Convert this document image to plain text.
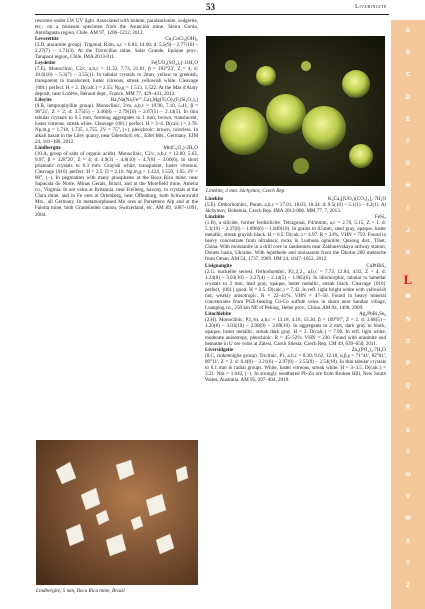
53	Liveringite

rescence under LW UV light. Associated with boleite, paralaurionite, sodgerite, etc., on a museum specimen from the Asunción mine, Sierra Gorda, Antofagasta region, Chile. AM 97, 1206–1212, 2012.

Leverettite	Cu₃CoCl₂(OH)₆

(3.D, atacamite group). Trigonal, R3m, a,c = 6.84, 14.06; d: 5.5(9) – 2.77(10) – 2.27(7) – 1.71(3). At the Torrecillas mine, Salar Grande, Iquique prov., Tarapacá region, Chile. IMA 2013-011.

Leydetite	Fe[UO₂(SO₄)₂]·11H₂O

(7.E). Monoclinic, C2/c, a,b,c = 11.32, 7.73, 21.81, β = 102°23', Z = 4; d: 10.6(10) – 5.3(7) – 3.55(1). In tabular crystals to 2mm, yellow to greenish, transparent to translucent, luster vitreous, streak yellowish white. Cleavage {001} perfect. H = 2. D(calc.) = 2.55. Np,g = 1.513, 1.522. At the Mas d'Alary deposit, near Lodève, Hérault dept., France. MM 77, 429–441, 2013.

Liloyite	Ba₂Na(Na,Fe²⁺,Ca)₂Mg(Ti,O)₂(F,(Si₂O₇)₂]

(9.B, lamprophyllite group). Monoclinic, 2/m, a,b,c = 19.90, 7.10, 5.41, β = 96°21', Z = 2; d: 3.75(5) – 3.46(8) – 2.79(10) – 2.67(5) – 2.14(5). In thin tabular crystals to 0.5 mm, forming aggregates to 1 mm, brown, translucent, luster vitreous, streak white. Cleavage {001} perfect. H = 3–4. D(calc.) = 3.78. Np,m,g = 1.718, 1.735, 1.755, 2V = 75°, (+), pleochroic: brown, colorless. In alkali basalt in the Liley quarry, near Üdersdorf, etc., Eifel Mts., Germany. EJM 24, 181–188, 2012.

Lindbergite	Mn(C₂O₄)·2H₂O

(10.A, group of salts of organic acids). Monoclinic, C2/c, a,b,c = 12.00, 5.63, 9.97, β = 128°20', Z = 4; d: 4.9(3) – 4.8(10) – 4.7(8) – 3.00(6). In short prismatic crystals to 0.3 mm. Grayish white, transparent, luster vitreous. Cleavage {010} perfect. H = 2.5. D = 2.10. Np,m,g = 1.424, 1.550, 1.65, 2V = 80°, (−). In pegmatites with many phosphates at the Boca Rica mine, near Sapucaia do Norte, Minas Gerais, Brazil, and at the Morefield mine, Amelia co., Virginia. In ore veins at Britannia, near Freiberg, Saxony, in crystals at the Clara mine, and in Fe ores at Ortenberg, near Offenburg, both Schwarzwald Mts., all Germany. In metamorphosed Mn ores at Parsettens Alp and at the Falotta mine, both Graubünden canton, Switzerland, etc. AM 89, 1087–1091, 2004.

Linekite, 3 mm. Jáchymov, Czech Rep.

Linekite	K₂Ca₃[(UO₂)(CO₃)₃]₂·7H₂O

(5.E). Orthorhombic, Pnnm, a,b,c = 17.01, 18.03, 18.34. d: 8.5(10) – 5.1(1) – 4.2(1). At Jáchymov, Bohemia, Czech Rep. IMA 2012-066. MM 77, 7, 2013.

Linzhiite	FeSi₂

(1.B), a silicide, former ferdisilicite. Tetragonal, P4/mmm, a,c = 2.70, 5.15, Z = 1. d: 5.1(10) – 2.37(8) – 1.896(6) – 1.849(10). In grains to 0.5mm, steel gray, opaque, luster metallic, streak grayish black. H = 6.5. D(calc.) = 4.97. R = 34%. VHN = 759. Found in heavy concentrate from ultrabasic rocks in Luobusa ophiolite, Qusong dist., Tibet, China. With moissanite in a drill core in sandstones near Zakharevskaya railway station, Donets basin, Ukraine. With lepidbeite and moissanite from the Dhofar 280 meteorite from Oman. AM 54, 1737, 1969. IJM 24, 1047–1052, 2012.

Lisiguangite	CuPtBiS₃

(2.G, nuckelite series). Orthorhombic, P2₁2₁2₁, a,b,c = 7.72, 12.84, 4.92, Z = 4. d: 3.24(8) – 3.03(10) – 2.27(4) – 2.14(5) – 1.865(6). In idiomorphic, tabular to lamellar crystals to 2 mm, lead gray, opaque, luster metallic, streak black. Cleavage {010} perfect, {001} good. H = 2.5. D(calc.) = 7.42. In refl. light bright white with yellowish tint, weakly anisotropic. R = 22–41%. VHN = 47–50. Found in heavy mineral concentrates from PGE-bearing Cu-Co sulfide veins in skarn near Sandao village, Luanping co., 250 km NE of Peking, Hebei prov., China. AM 94, 1498, 2009.

Litochlebite	Ag₂PbBi₄Se₈

(2.H). Monoclinic, P2₁/m, a,b,c = 13.18, 4.18, 15.30, β = 109°07', Z = 2. d: 3.68(5) – 3.20(8) – 3.03(10) – 2.98(9) – 2.89(10). In aggregates to 2 mm, dark gray to black, opaque, luster metallic, streak dark gray. H = 3. D(calc.) = 7.90. In refl. light white, moderate anisotropy, pleochroic. R = 45–52%. VHN = 230. Found with uraninite and hematite in U ore veins at Zálesí, Czech Silesia, Czech Rep. CM 49, 639–650, 2011.

Liversidgeite	Zn₆(PO₄)₄·7H₂O

(8.C, zinkenolgite group). Triclinic, P1, a,b,c = 8.30, 9.62, 12.18, α,β,γ = 71°41', 82°01', 80°11', Z = 2. d: 8.4(8) – 3.21(6) – 2.97(8) – 2.55(9) – 2.54(10). In thin tabular crystals to 0.1 mm in radial groups. White, luster vitreous, streak white. H = 3–3.5. D(calc.) = 3.21. Nm = 1.642, (−). In strongly weathered Pb-Zn ore from Broken Hill, New South Wales, Australia. AM 95, 397–404, 2010.

Lindbergite, 5 mm, Boca Rica mine, Brazil
A
B
C
D
E
F
G
H
I
J
K
L
M
N
O
P
Q
R
S
T
U
V
W
X
Y
Z
